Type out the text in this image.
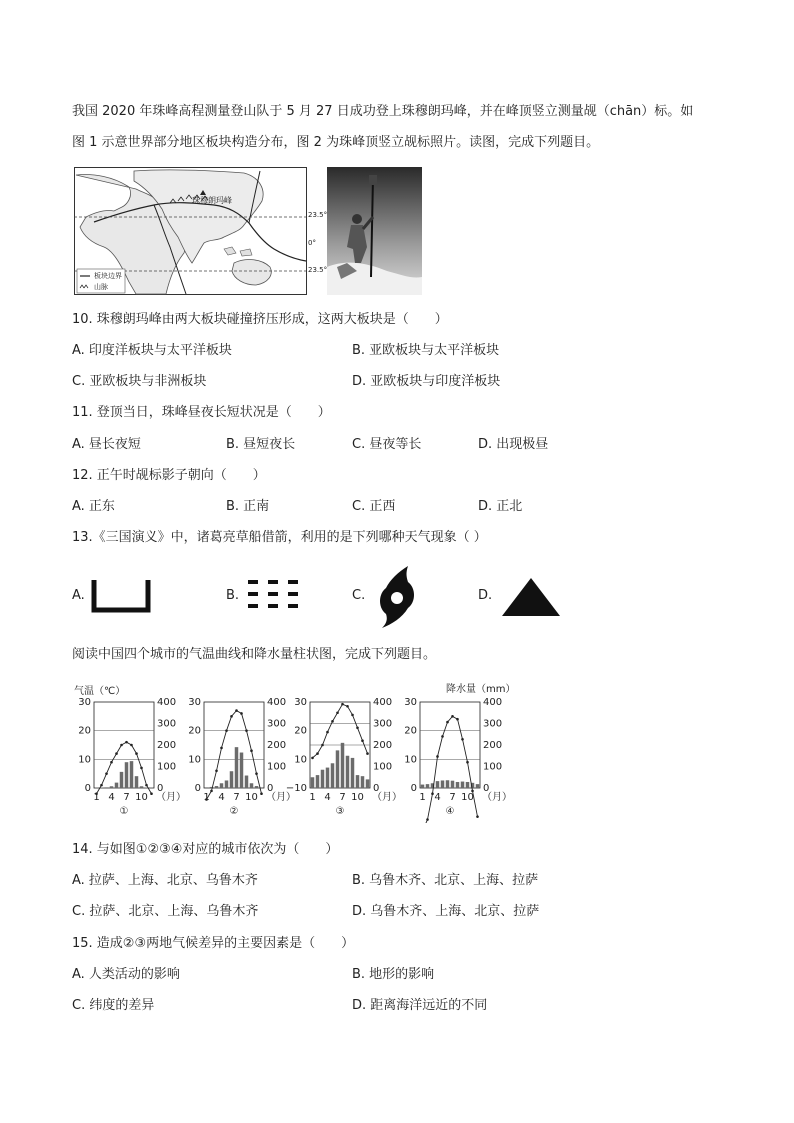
我国 2020 年珠峰高程测量登山队于 5 月 27 日成功登上珠穆朗玛峰，并在峰顶竖立测量觇（chān）标。如
图 1 示意世界部分地区板块构造分布，图 2 为珠峰顶竖立觇标照片。读图，完成下列题目。
珠穆朗玛峰
23.5°
0°
23.5°
板块边界
山脉
10. 珠穆朗玛峰由两大板块碰撞挤压形成，这两大板块是（　　）
A. 印度洋板块与太平洋板块	B. 亚欧板块与太平洋板块
C. 亚欧板块与非洲板块	D. 亚欧板块与印度洋板块
11. 登顶当日，珠峰昼夜长短状况是（　　）
A. 昼长夜短	B. 昼短夜长	C. 昼夜等长	D. 出现极昼
12. 正午时觇标影子朝向（　　）
A. 正东	B. 正南	C. 正西	D. 正北
13.《三国演义》中，诸葛亮草船借箭，利用的是下列哪种天气现象（ ）
A.	B.	C.	D.
阅读中国四个城市的气温曲线和降水量柱状图，完成下列题目。
30
20
10
0
400
300
200
100
0
1 4 7 10 （月）
①
30
20
10
0
400
300
200
100
0
1 4 7 10 （月）
②
30
20
10
−10
400
300
200
100
0
1 4 7 10 （月）
③
30
20
10
0
400
300
200
100
0
1 4 7 10 （月）
④
气温（℃）	降水量（mm）
14. 与如图①②③④对应的城市依次为（　　）
A. 拉萨、上海、北京、乌鲁木齐	B. 乌鲁木齐、北京、上海、拉萨
C. 拉萨、北京、上海、乌鲁木齐	D. 乌鲁木齐、上海、北京、拉萨
15. 造成②③两地气候差异的主要因素是（　　）
A. 人类活动的影响	B. 地形的影响
C. 纬度的差异	D. 距离海洋远近的不同
